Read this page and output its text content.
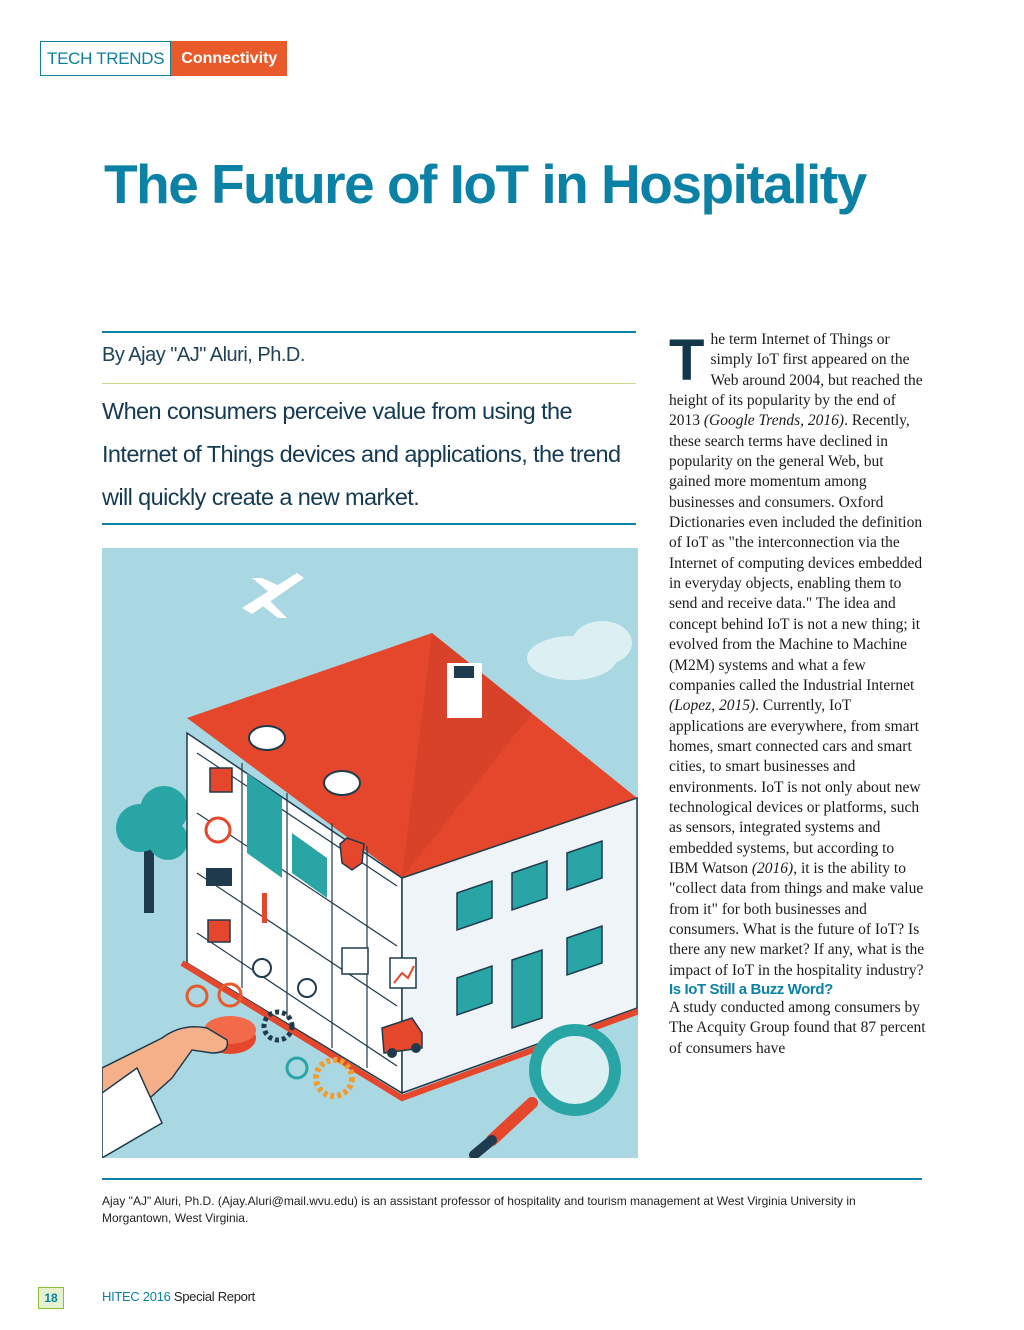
TECH TRENDS	Connectivity
The Future of IoT in Hospitality

By Ajay "AJ" Aluri, Ph.D.

When consumers perceive value from using the Internet of Things devices and applications, the trend will quickly create a new market.

The term Internet of Things or simply IoT first appeared on the Web around 2004, but reached the height of its popularity by the end of 2013 (Google Trends, 2016). Recently, these search terms have declined in popularity on the general Web, but gained more momentum among businesses and consumers. Oxford Dictionaries even included the definition of IoT as "the interconnection via the Internet of computing devices embedded in everyday objects, enabling them to send and receive data." The idea and concept behind IoT is not a new thing; it evolved from the Machine to Machine (M2M) systems and what a few companies called the Industrial Internet (Lopez, 2015). Currently, IoT applications are everywhere, from smart homes, smart connected cars and smart cities, to smart businesses and environments. IoT is not only about new technological devices or platforms, such as sensors, integrated systems and embedded systems, but according to IBM Watson (2016), it is the ability to "collect data from things and make value from it" for both businesses and consumers. What is the future of IoT? Is there any new market? If any, what is the impact of IoT in the hospitality industry?

Is IoT Still a Buzz Word?

A study conducted among consumers by The Acquity Group found that 87 percent of consumers have

Ajay "AJ" Aluri, Ph.D. (Ajay.Aluri@mail.wvu.edu) is an assistant professor of hospitality and tourism management at West Virginia University in Morgantown, West Virginia.

18	HITEC 2016 Special Report
